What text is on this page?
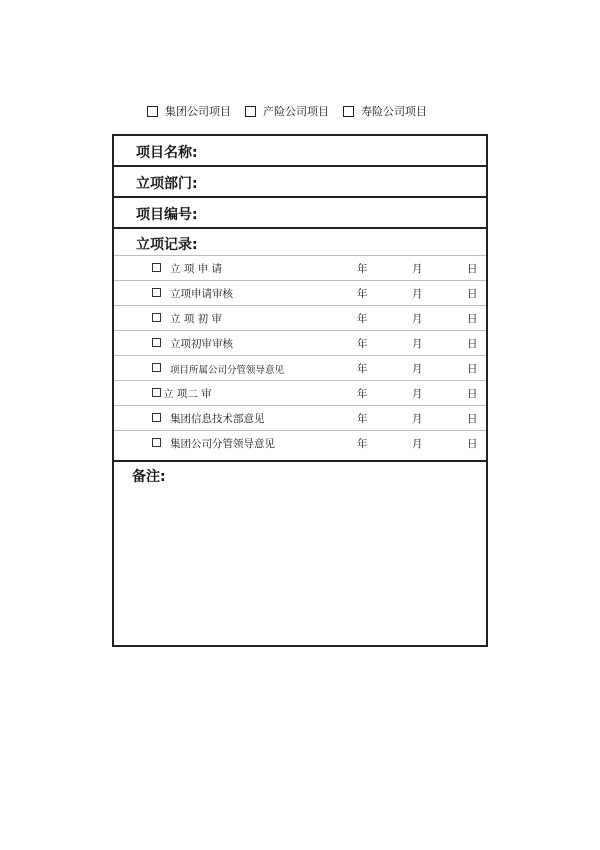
集团公司项目	产险公司项目	寿险公司项目
项目名称:
立项部门:
项目编号:
立项记录:
立 项 申 请	年	月	日
立项申请审核	年	月	日
立 项 初 审	年	月	日
立项初审审核	年	月	日
项目所属公司分管领导意见	年	月	日
立 项二 审	年	月	日
集团信息技术部意见	年	月	日
集团公司分管领导意见	年	月	日
备注:
